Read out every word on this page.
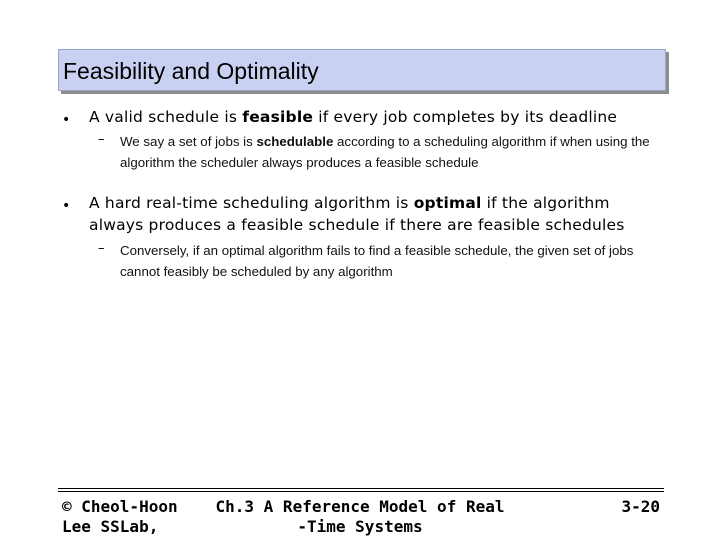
Feasibility and Optimality
• A valid schedule is feasible if every job completes by its deadline
– We say a set of jobs is schedulable according to a scheduling algorithm if when using the algorithm the scheduler always produces a feasible schedule
• A hard real-time scheduling algorithm is optimal if the algorithm always produces a feasible schedule if there are feasible schedules
– Conversely, if an optimal algorithm fails to find a feasible schedule, the given set of jobs cannot feasibly be scheduled by any algorithm
© Cheol-Hoon Lee SSLab,
Ch.3 A Reference Model of Real -Time Systems
3-20
